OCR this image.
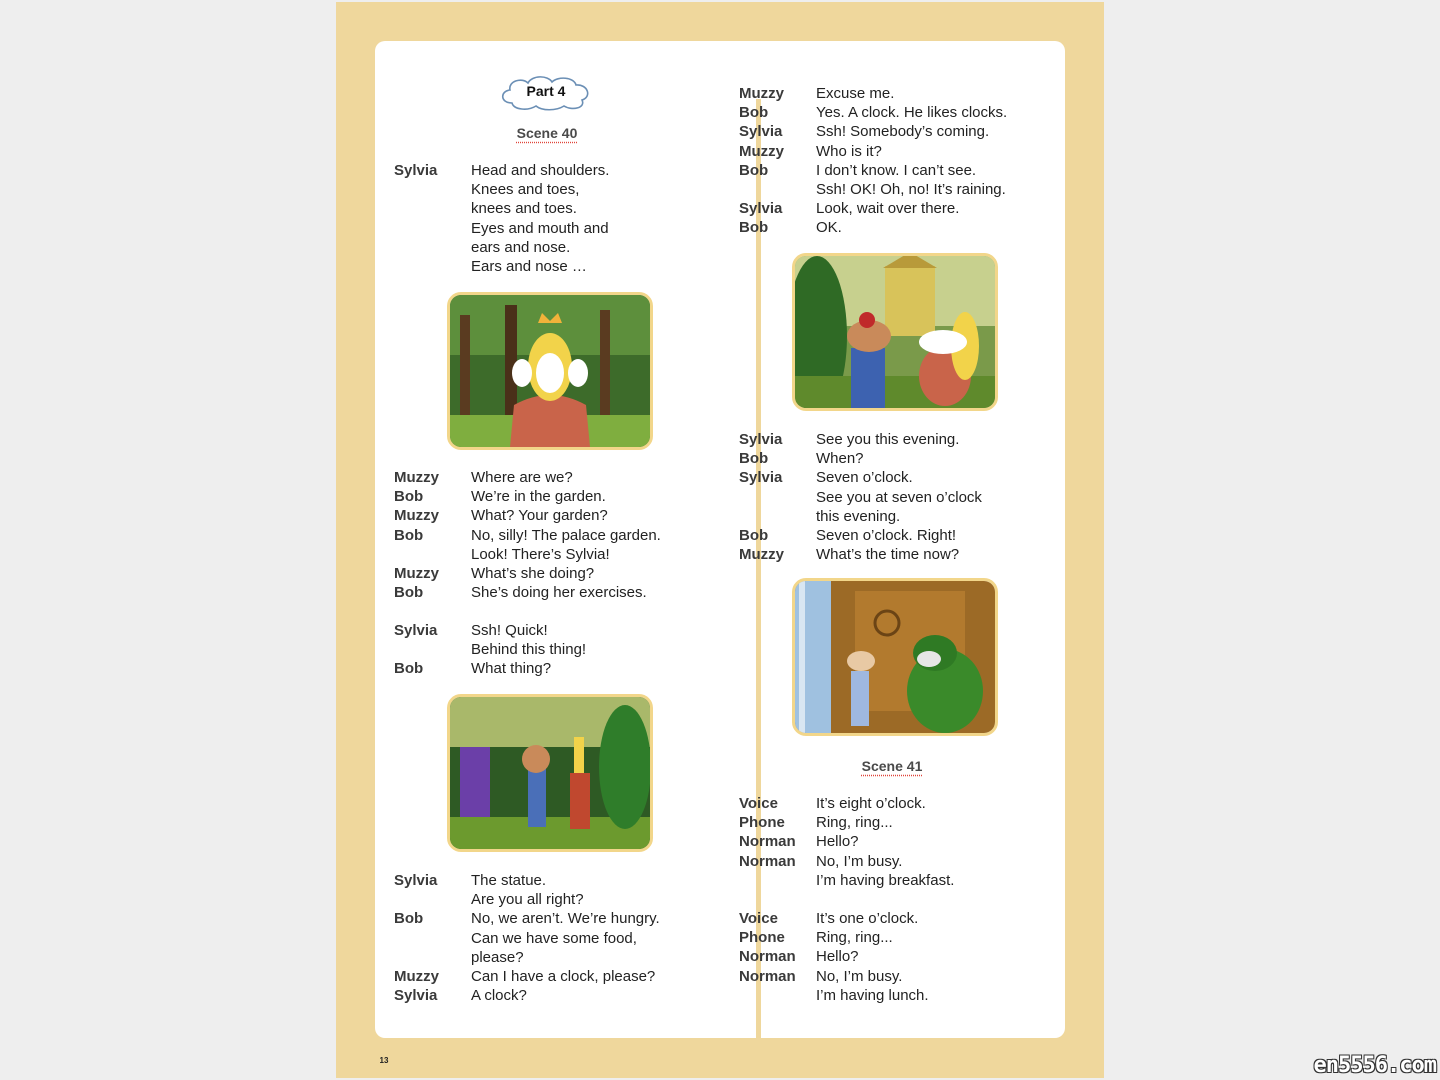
Part 4
Scene 40
Sylvia Head and shoulders.
Knees and toes,
knees and toes.
Eyes and mouth and
ears and nose.
Ears and nose …
Muzzy Where are we?
Bob	We’re in the garden.
Muzzy What? Your garden?
Bob	No, silly! The palace garden.
Look! There’s Sylvia!
Muzzy What’s she doing?
Bob	She’s doing her exercises.
Sylvia Ssh! Quick!
Behind this thing!
Bob	What thing?
Sylvia The statue.
Are you all right?
Bob	No, we aren’t. We’re hungry.
Can we have some food,
please?
Muzzy Can I have a clock, please?
Sylvia A clock?
Muzzy Excuse me.
Bob	Yes. A clock. He likes clocks.
Sylvia Ssh! Somebody’s coming.
Muzzy Who is it?
Bob	I don’t know. I can’t see.
Ssh! OK! Oh, no! It’s raining.
Sylvia Look, wait over there.
Bob	OK.
Sylvia See you this evening.
Bob	When?
Sylvia Seven o’clock.
See you at seven o’clock
this evening.
Bob	Seven o’clock. Right!
Muzzy What’s the time now?
Scene 41
Voice	It’s eight o’clock.
Phone Ring, ring...
Norman Hello?
Norman No, I’m busy.
I’m having breakfast.
Voice	It’s one o’clock.
Phone Ring, ring...
Norman Hello?
Norman No, I’m busy.
I’m having lunch.
13	en5556.com
